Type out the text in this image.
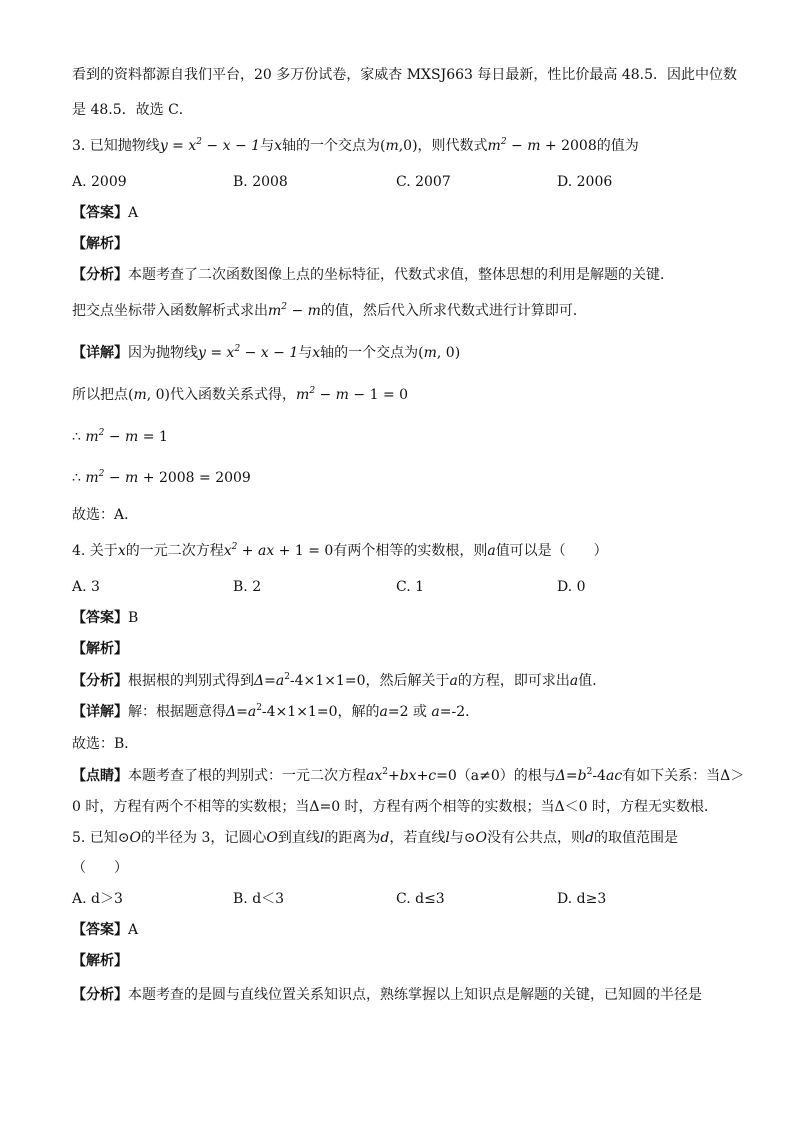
看到的资料都源自我们平台，20 多万份试卷，家威杏 MXSJ663 每日最新，性比价最高 48.5．因此中位数
是 48.5．故选 C．
3. 已知抛物线$y = x^2 - x - 1$与x轴的一个交点为(m,0)，则代数式$m^2 - m + 2008$的值为
A. 2009	B. 2008	C. 2007	D. 2006
【答案】A
【解析】
【分析】本题考查了二次函数图像上点的坐标特征，代数式求值，整体思想的利用是解题的关键．
把交点坐标带入函数解析式求出$m^2 - m$的值，然后代入所求代数式进行计算即可．
【详解】因为抛物线$y = x^2 - x - 1$与x轴的一个交点为(m, 0)
所以把点(m, 0)代入函数关系式得，$m^2 - m - 1 = 0$
∴ $m^2 - m = 1$
∴ $m^2 - m + 2008 = 2009$
故选：A．
4. 关于x的一元二次方程$x^2$ + ax + 1 = 0有两个相等的实数根，则a值可以是（　　）
A. 3	B. 2	C. 1	D. 0
【答案】B
【解析】
【分析】根据根的判别式得到$\Delta=a^2-4\times 1\times 1=0$，然后解关于a的方程，即可求出a值．
【详解】解：根据题意得$\Delta=a^2-4\times 1\times 1=0$，解的a=2 或 a=-2．
故选：B．
【点睛】本题考查了根的判别式：一元二次方程$ax^2+bx+c=0(a\ne 0)$的根与$\Delta=b^2-4ac$有如下关系：当Δ＞
0 时，方程有两个不相等的实数根；当Δ=0 时，方程有两个相等的实数根；当Δ＜0 时，方程无实数根．
5. 已知⊙O的半径为 3，记圆心O到直线l的距离为d，若直线l与⊙O没有公共点，则d的取值范围是
（　　）
A. d＞3	B. d＜3	C. d≤3	D. d≥3
【答案】A
【解析】
【分析】本题考查的是圆与直线位置关系知识点，熟练掌握以上知识点是解题的关键，已知圆的半径是
